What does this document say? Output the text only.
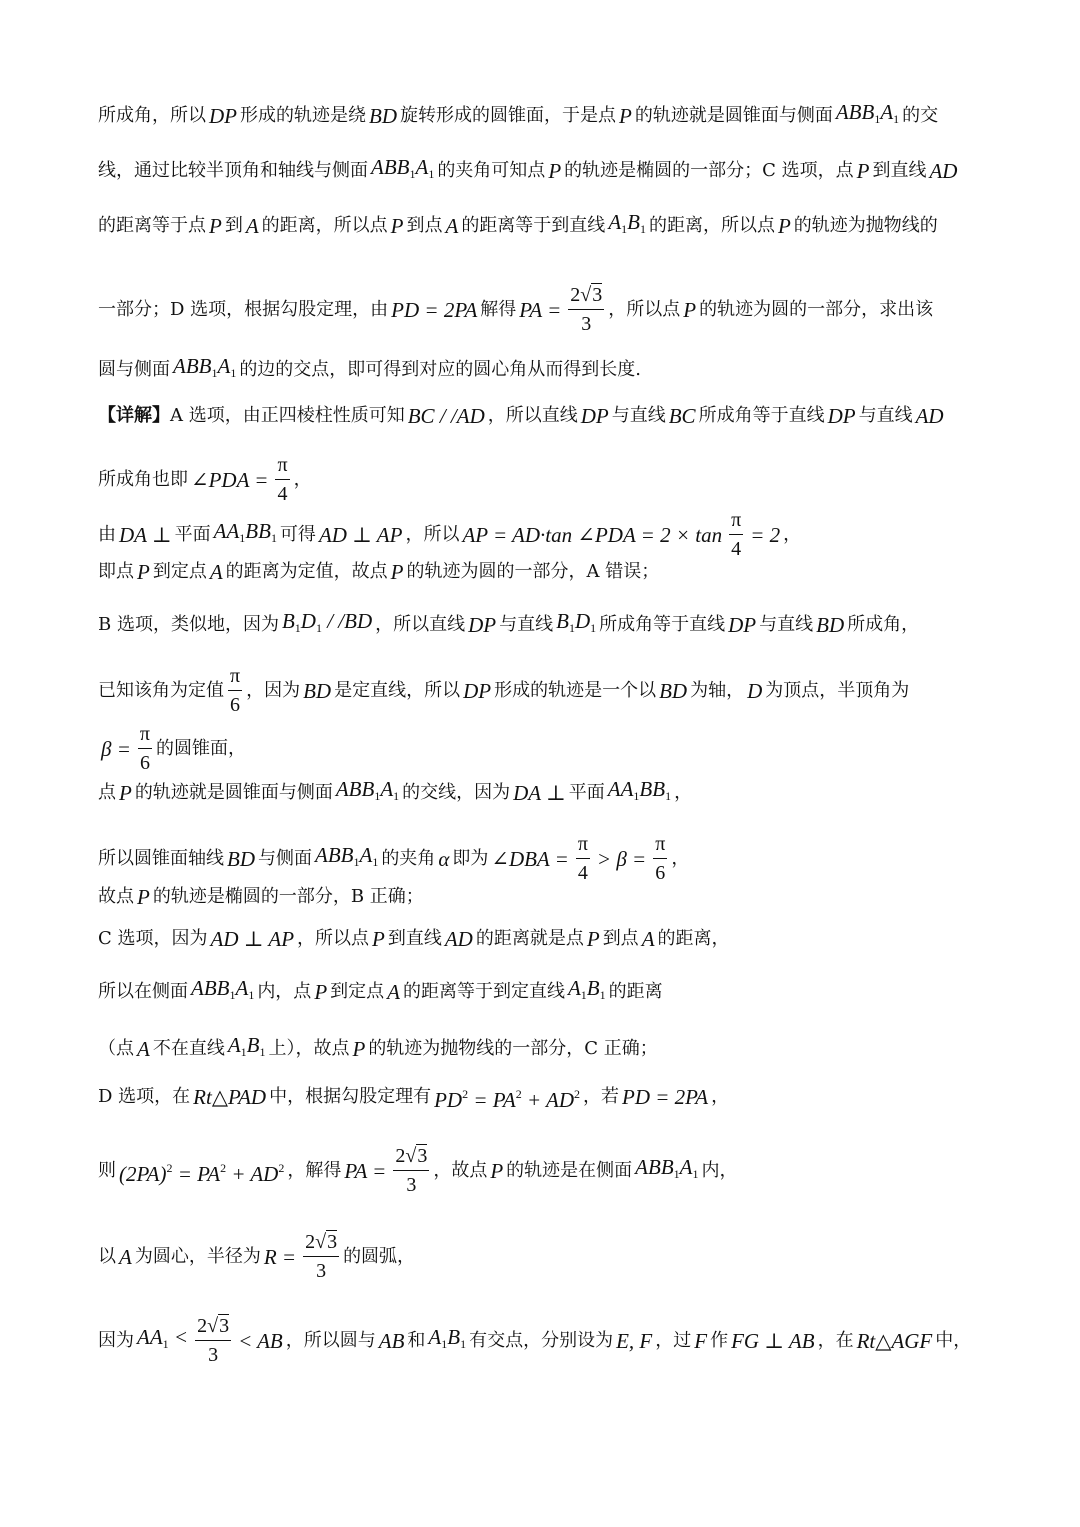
所成角，所以 DP 形成的轨迹是绕 BD 旋转形成的圆锥面，于是点 P 的轨迹就是圆锥面与侧面 $ABB_1A_1$ 的交
线，通过比较半顶角和轴线与侧面 $ABB_1A_1$ 的夹角可知点 P 的轨迹是椭圆的一部分；C 选项，点 P 到直线 AD
的距离等于点 P 到 A 的距离，所以点 P 到点 A 的距离等于到直线 $A_1B_1$ 的距离，所以点 P 的轨迹为抛物线的
一部分；D 选项，根据勾股定理，由 PD = 2PA 解得 PA = $\frac{2√3}{3}$ ，所以点 P 的轨迹为圆的一部分，求出该
圆与侧面 $ABB_1A_1$ 的边的交点，即可得到对应的圆心角从而得到长度.
【详解】 A 选项，由正四棱柱性质可知 BC / /AD ，所以直线 DP 与直线 BC 所成角等于直线 DP 与直线 AD
所成角也即 ∠PDA = $\frac{\pi}{4}$ ，
由 DA ⊥ 平面 $AA_1BB_1$ 可得 AD ⊥ AP ，所以 AP = AD·tan ∠PDA = $2 \times \tan \frac{\pi}{4} = 2$ ，
即点 P 到定点 A 的距离为定值，故点 P 的轨迹为圆的一部分，A 错误；
B 选项，类似地，因为 $B_1D_1 / /BD$ ，所以直线 DP 与直线 $B_1D_1$ 所成角等于直线 DP 与直线 BD 所成角，
已知该角为定值 $\frac{\pi}{6}$ ，因为 BD 是定直线，所以 DP 形成的轨迹是一个以 BD 为轴， D 为顶点，半顶角为
$\beta = \frac{\pi}{6}$ 的圆锥面，
点 P 的轨迹就是圆锥面与侧面 $ABB_1A_1$ 的交线，因为 DA ⊥ 平面 $AA_1BB_1$ ，
所以圆锥面轴线 BD 与侧面 $ABB_1A_1$ 的夹角 α 即为 ∠DBA = $\frac{\pi}{4} > \beta = \frac{\pi}{6}$ ，
故点 P 的轨迹是椭圆的一部分，B 正确；
C 选项，因为 AD ⊥ AP ，所以点 P 到直线 AD 的距离就是点 P 到点 A 的距离，
所以在侧面 $ABB_1A_1$ 内，点 P 到定点 A 的距离等于到定直线 $A_1B_1$ 的距离
（点 A 不在直线 $A_1B_1$ 上），故点 P 的轨迹为抛物线的一部分，C 正确；
D 选项，在 Rt△PAD 中，根据勾股定理有 $PD^2 = PA^2 + AD^2$ ，若 PD = 2PA ，
则 $(2PA)^2 = PA^2 + AD^2$ ，解得 PA = $\frac{2√3}{3}$ ，故点 P 的轨迹是在侧面 $ABB_1A_1$ 内，
以 A 为圆心，半径为 $R = \frac{2√3}{3}$ 的圆弧，
因为 $AA_1 < \frac{2√3}{3}$ < AB ，所以圆与 AB 和 $A_1B_1$ 有交点，分别设为 E, F ，过 F 作 FG ⊥ AB ，在 Rt△AGF 中，
